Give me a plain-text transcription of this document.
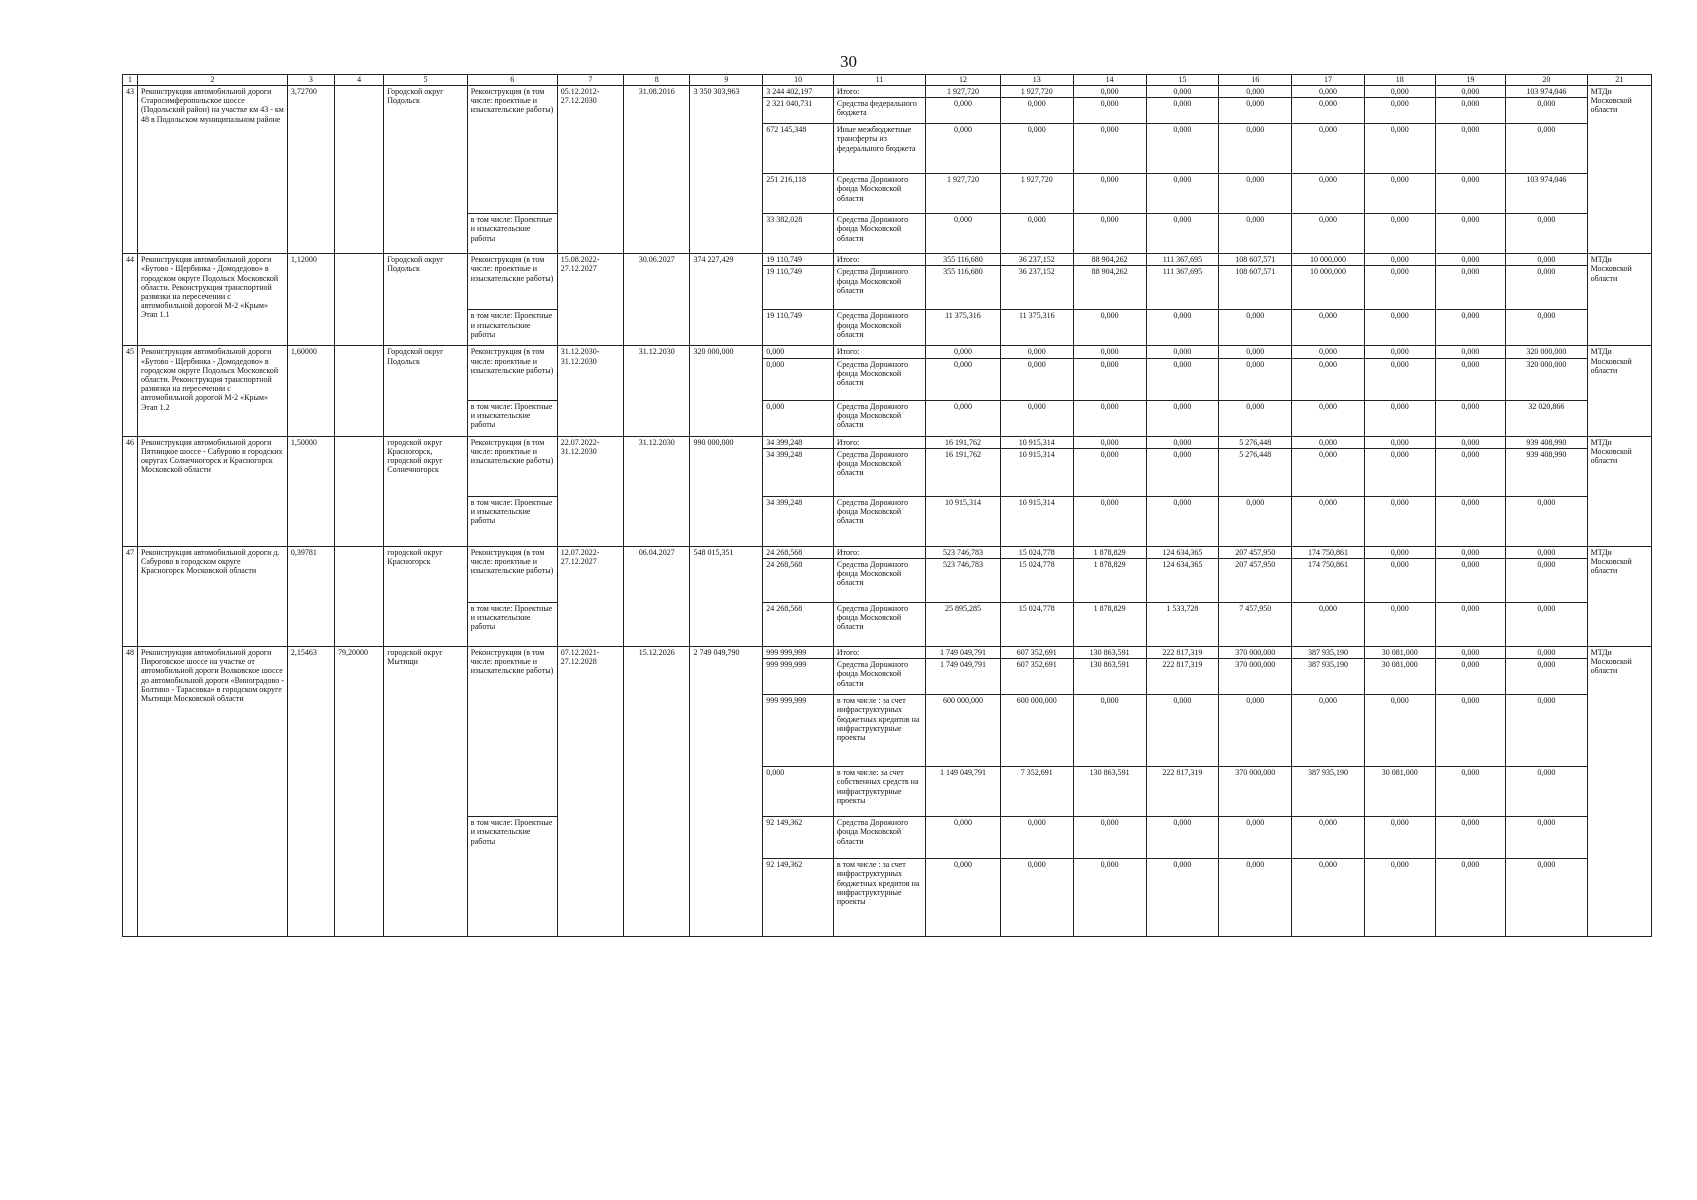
30
1	2	3	4	5	6	7	8	9	10	11	12	13	14	15	16	17	18	19	20	21
43	Реконструкция автомобильной дороги Старосимферопольское шоссе (Подольский район) на участке км 43 - км 48 в Подольском муниципальном районе	3,72700		Городской округ Подольск	Реконструкция (в том числе: проектные и изыскательские работы)	05.12.2012-27.12.2030	31.08.2016	3 350 303,963	3 244 402,197	Итого:	1 927,720	1 927,720	0,000	0,000	0,000	0,000	0,000	0,000	103 974,046	МТДи Московской области
									2 321 040,731	Средства федерального бюджета	0,000	0,000	0,000	0,000	0,000	0,000	0,000	0,000	0,000	
									672 145,348	Иные межбюджетные трансферты из федерального бюджета	0,000	0,000	0,000	0,000	0,000	0,000	0,000	0,000	0,000	
									251 216,118	Средства Дорожного фонда Московской области	1 927,720	1 927,720	0,000	0,000	0,000	0,000	0,000	0,000	103 974,046	
					в том числе: Проектные и изыскательские работы				33 382,028	Средства Дорожного фонда Московской области	0,000	0,000	0,000	0,000	0,000	0,000	0,000	0,000	0,000	
44	Реконструкция автомобильной дороги «Бутово - Щербинка - Домодедово» в городском округе Подольск Московской области. Реконструкция транспортной развязки на пересечении с автомобильной дорогой М-2 «Крым» Этап 1.1	1,12000		Городской округ Подольск	Реконструкция (в том числе: проектные и изыскательские работы)	15.08.2022-27.12.2027	30.06.2027	374 227,429	19 110,749	Итого:	355 116,680	36 237,152	88 904,262	111 367,695	108 607,571	10 000,000	0,000	0,000	0,000	МТДи Московской области
									19 110,749	Средства Дорожного фонда Московской области	355 116,680	36 237,152	88 904,262	111 367,695	108 607,571	10 000,000	0,000	0,000	0,000	
					в том числе: Проектные и изыскательские работы				19 110,749	Средства Дорожного фонда Московской области	11 375,316	11 375,316	0,000	0,000	0,000	0,000	0,000	0,000	0,000	
45	Реконструкция автомобильной дороги «Бутово - Щербинка - Домодедово» в городском округе Подольск Московской области. Реконструкция транспортной развязки на пересечении с автомобильной дорогой М-2 «Крым» Этап 1.2	1,60000		Городской округ Подольск	Реконструкция (в том числе: проектные и изыскательские работы)	31.12.2030-31.12.2030	31.12.2030	320 000,000	0,000	Итого:	0,000	0,000	0,000	0,000	0,000	0,000	0,000	0,000	320 000,000	МТДи Московской области
									0,000	Средства Дорожного фонда Московской области	0,000	0,000	0,000	0,000	0,000	0,000	0,000	0,000	320 000,000	
					в том числе: Проектные и изыскательские работы				0,000	Средства Дорожного фонда Московской области	0,000	0,000	0,000	0,000	0,000	0,000	0,000	0,000	32 020,866	
46	Реконструкция автомобильной дороги Пятницкое шоссе - Сабурово в городских округах Солнечногорск и Красногорск Московской области	1,50000		городской округ Красногорск, городской округ Солнечногорск	Реконструкция (в том числе: проектные и изыскательские работы)	22.07.2022-31.12.2030	31.12.2030	990 000,000	34 399,248	Итого:	16 191,762	10 915,314	0,000	0,000	5 276,448	0,000	0,000	0,000	939 408,990	МТДи Московской области
									34 399,248	Средства Дорожного фонда Московской области	16 191,762	10 915,314	0,000	0,000	5 276,448	0,000	0,000	0,000	939 408,990	
					в том числе: Проектные и изыскательские работы				34 399,248	Средства Дорожного фонда Московской области	10 915,314	10 915,314	0,000	0,000	0,000	0,000	0,000	0,000	0,000	
47	Реконструкция автомобильной дороги д. Сабурово в городском округе Красногорск Московской области	0,39781		городской округ Красногорск	Реконструкция (в том числе: проектные и изыскательские работы)	12.07.2022-27.12.2027	06.04.2027	548 015,351	24 268,568	Итого:	523 746,783	15 024,778	1 878,829	124 634,365	207 457,950	174 750,861	0,000	0,000	0,000	МТДи Московской области
									24 268,568	Средства Дорожного фонда Московской области	523 746,783	15 024,778	1 878,829	124 634,365	207 457,950	174 750,861	0,000	0,000	0,000	
					в том числе: Проектные и изыскательские работы				24 268,568	Средства Дорожного фонда Московской области	25 895,285	15 024,778	1 878,829	1 533,728	7 457,950	0,000	0,000	0,000	0,000	
48	Реконструкция автомобильной дороги Пироговское шоссе на участке от автомобильной дороги Волковское шоссе до автомобильной дороги «Виноградово - Болтино - Тарасовка» в городском округе Мытищи Московской области	2,15463	79,20000	городской округ Мытищи	Реконструкция (в том числе: проектные и изыскательские работы)	07.12.2021-27.12.2028	15.12.2026	2 749 049,790	999 999,999	Итого:	1 749 049,791	607 352,691	130 863,591	222 817,319	370 000,000	387 935,190	30 081,000	0,000	0,000	МТДи Московской области
									999 999,999	Средства Дорожного фонда Московской области	1 749 049,791	607 352,691	130 863,591	222 817,319	370 000,000	387 935,190	30 081,000	0,000	0,000	
									999 999,999	в том числе : за счет инфраструктурных бюджетных кредитов на инфраструктурные проекты	600 000,000	600 000,000	0,000	0,000	0,000	0,000	0,000	0,000	0,000	
									0,000	в том числе: за счет собственных средств на инфраструктурные проекты	1 149 049,791	7 352,691	130 863,591	222 817,319	370 000,000	387 935,190	30 081,000	0,000	0,000	
					в том числе: Проектные и изыскательские работы				92 149,362	Средства Дорожного фонда Московской области	0,000	0,000	0,000	0,000	0,000	0,000	0,000	0,000	0,000	
									92 149,362	в том числе : за счет инфраструктурных бюджетных кредитов на инфраструктурные проекты	0,000	0,000	0,000	0,000	0,000	0,000	0,000	0,000	0,000	
